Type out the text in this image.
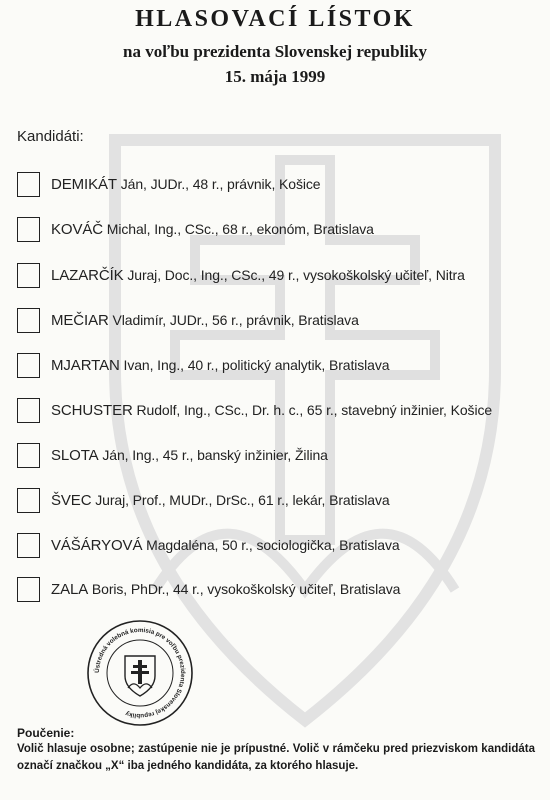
HLASOVACÍ LÍSTOK
na voľbu prezidenta Slovenskej republiky
15. mája 1999
Kandidáti:
DEMIKÁT Ján, JUDr., 48 r., právnik, Košice
KOVÁČ Michal, Ing., CSc., 68 r., ekonóm, Bratislava
LAZARČÍK Juraj, Doc., Ing., CSc., 49 r., vysokoškolský učiteľ, Nitra
MEČIAR Vladimír, JUDr., 56 r., právnik, Bratislava
MJARTAN Ivan, Ing., 40 r., politický analytik, Bratislava
SCHUSTER Rudolf, Ing., CSc., Dr. h. c., 65 r., stavebný inžinier, Košice
SLOTA Ján, Ing., 45 r., banský inžinier, Žilina
ŠVEC Juraj, Prof., MUDr., DrSc., 61 r., lekár, Bratislava
VÁŠÁRYOVÁ Magdaléna, 50 r., sociologička, Bratislava
ZALA Boris, PhDr., 44 r., vysokoškolský učiteľ, Bratislava
Ústredná volebná komisia pre voľbu prezidenta Slovenskej republiky
Poučenie:
Volič hlasuje osobne; zastúpenie nie je prípustné. Volič v rámčeku pred priezviskom kandidáta označí značkou „X“ iba jedného kandidáta, za ktorého hlasuje.
